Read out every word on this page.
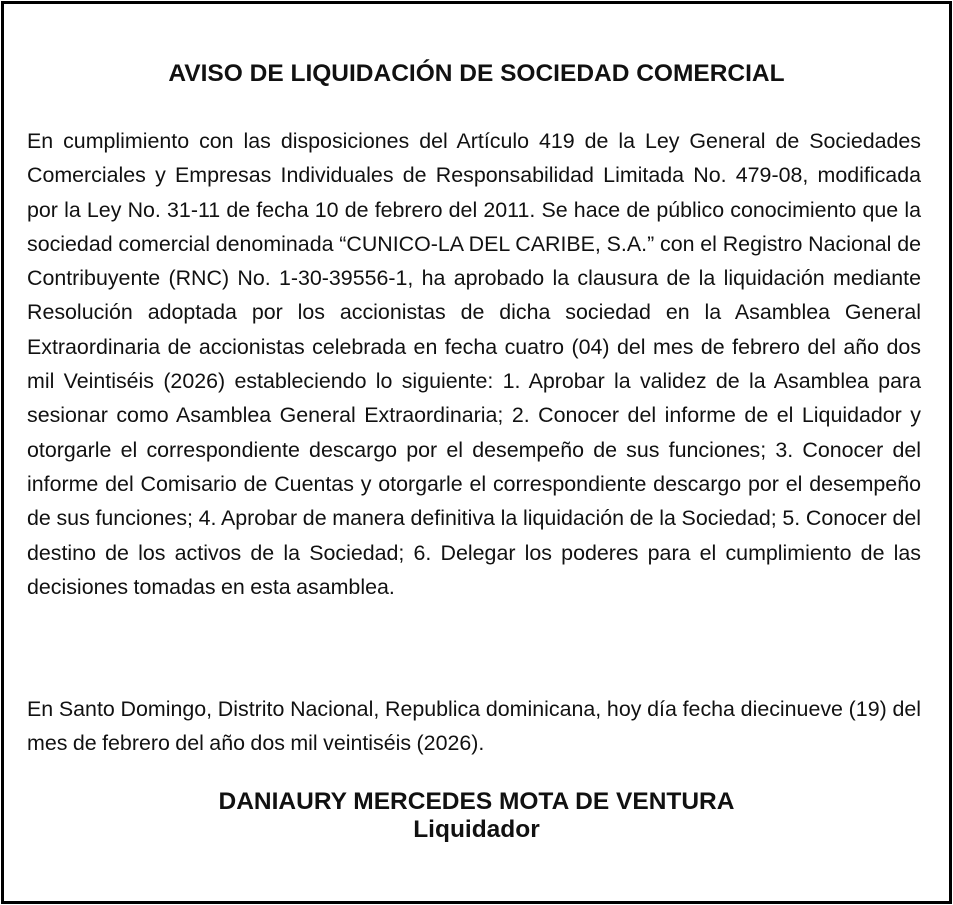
AVISO DE LIQUIDACIÓN DE SOCIEDAD COMERCIAL

En cumplimiento con las disposiciones del Artículo 419 de la Ley General de Sociedades Comerciales y Empresas Individuales de Responsabilidad Limitada No. 479-08, modificada por la Ley No. 31-11 de fecha 10 de febrero del 2011. Se hace de público conocimiento que la sociedad comercial denominada “CUNICO-LA DEL CARIBE, S.A.” con el Registro Nacional de Contribuyente (RNC) No. 1-30-39556-1, ha aprobado la clausura de la liquidación mediante Resolución adoptada por los accionistas de dicha sociedad en la Asamblea General Extraordinaria de accionistas celebrada en fecha cuatro (04) del mes de febrero del año dos mil Veintiséis (2026) estableciendo lo siguiente: 1. Aprobar la validez de la Asamblea para sesionar como Asamblea General Extraordinaria; 2. Conocer del informe de el Liquidador y otorgarle el correspondiente descargo por el desempeño de sus funciones; 3. Conocer del informe del Comisario de Cuentas y otorgarle el correspondiente descargo por el desempeño de sus funciones; 4. Aprobar de manera definitiva la liquidación de la Sociedad; 5. Conocer del destino de los activos de la Sociedad; 6. Delegar los poderes para el cumplimiento de las decisiones tomadas en esta asamblea.

En Santo Domingo, Distrito Nacional, Republica dominicana, hoy día fecha diecinueve (19) del mes de febrero del año dos mil veintiséis (2026).

DANIAURY MERCEDES MOTA DE VENTURA
Liquidador
